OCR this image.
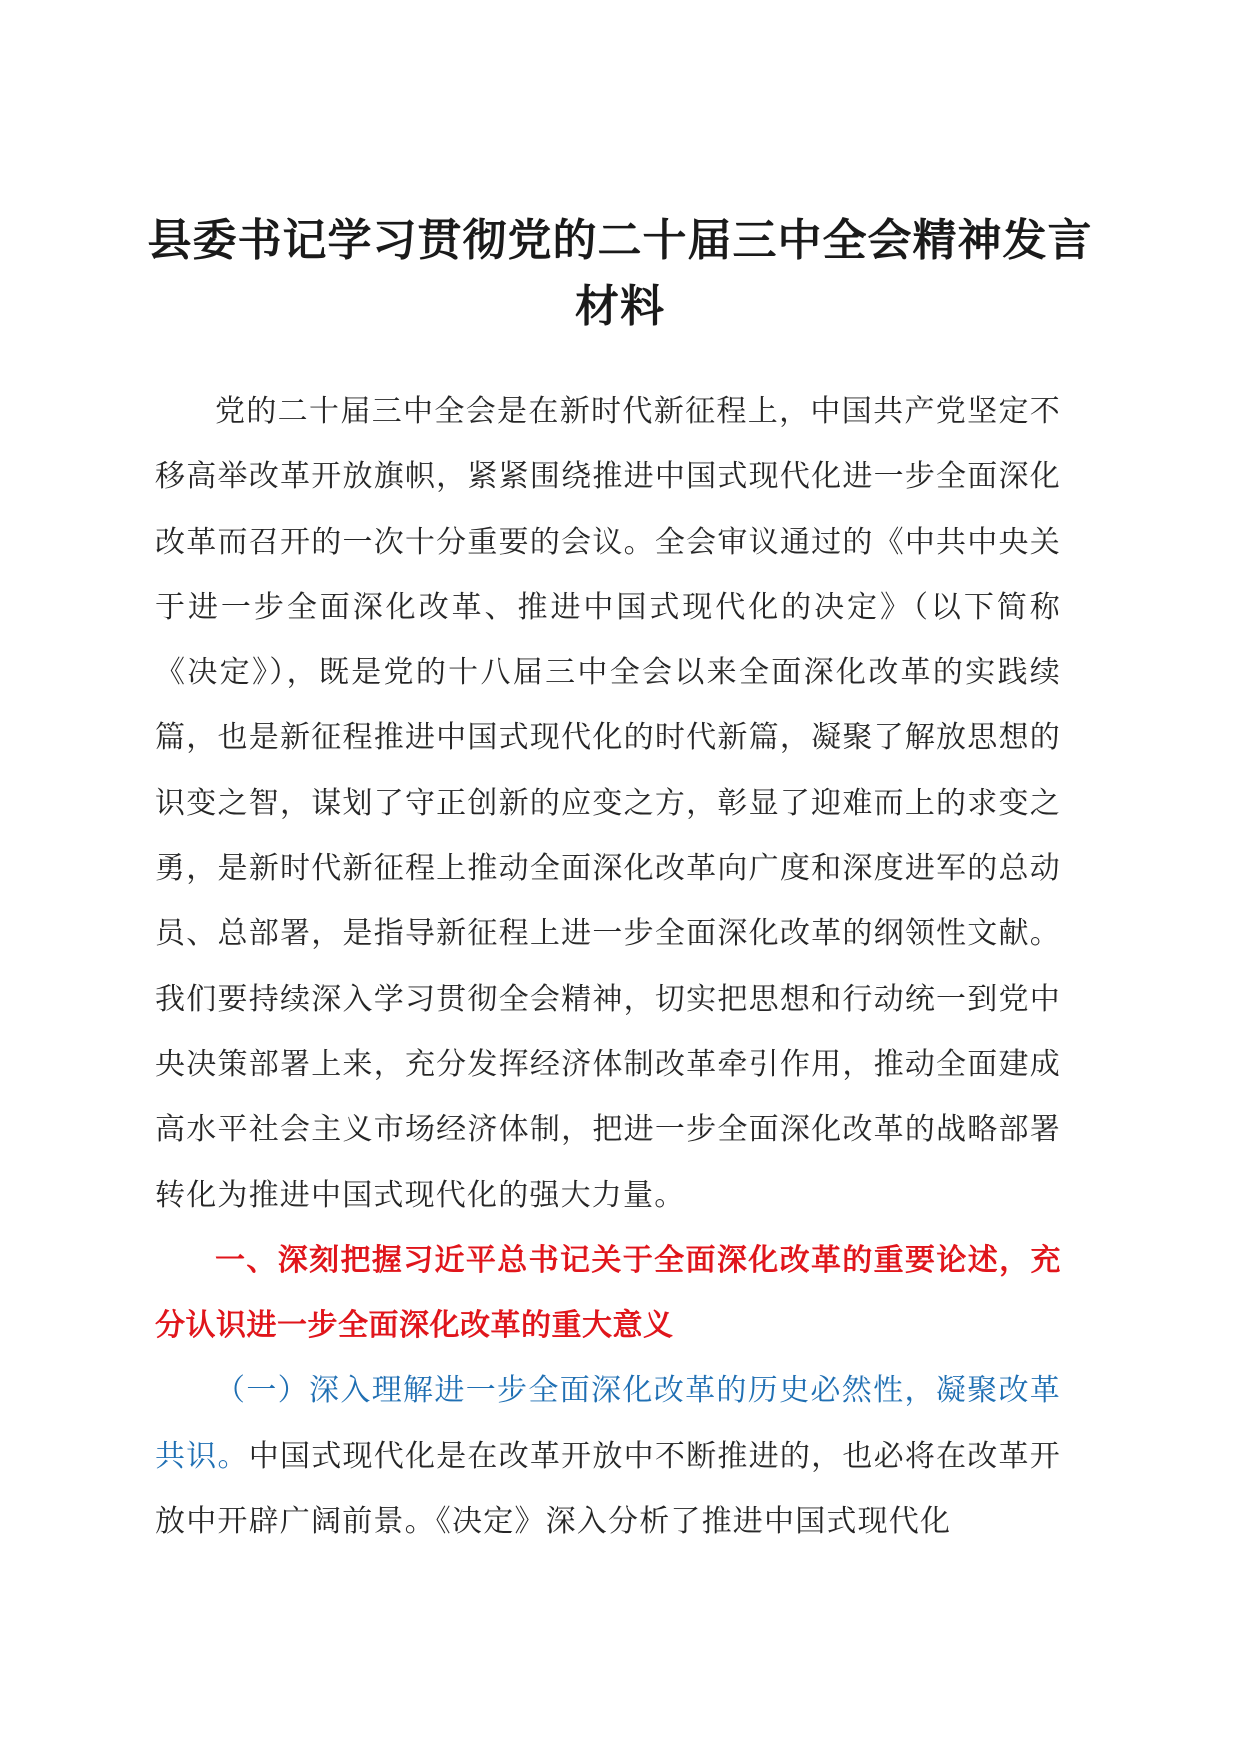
县委书记学习贯彻党的二十届三中全会精神发言材料

党的二十届三中全会是在新时代新征程上，中国共产党坚定不移高举改革开放旗帜，紧紧围绕推进中国式现代化进一步全面深化改革而召开的一次十分重要的会议。全会审议通过的《中共中央关于进一步全面深化改革、推进中国式现代化的决定》（以下简称《决定》），既是党的十八届三中全会以来全面深化改革的实践续篇，也是新征程推进中国式现代化的时代新篇，凝聚了解放思想的识变之智，谋划了守正创新的应变之方，彰显了迎难而上的求变之勇，是新时代新征程上推动全面深化改革向广度和深度进军的总动员、总部署，是指导新征程上进一步全面深化改革的纲领性文献。我们要持续深入学习贯彻全会精神，切实把思想和行动统一到党中央决策部署上来，充分发挥经济体制改革牵引作用，推动全面建成高水平社会主义市场经济体制，把进一步全面深化改革的战略部署转化为推进中国式现代化的强大力量。

一、深刻把握习近平总书记关于全面深化改革的重要论述，充分认识进一步全面深化改革的重大意义

（一）深入理解进一步全面深化改革的历史必然性，凝聚改革共识。中国式现代化是在改革开放中不断推进的，也必将在改革开放中开辟广阔前景。《决定》深入分析了推进中国式现代化
